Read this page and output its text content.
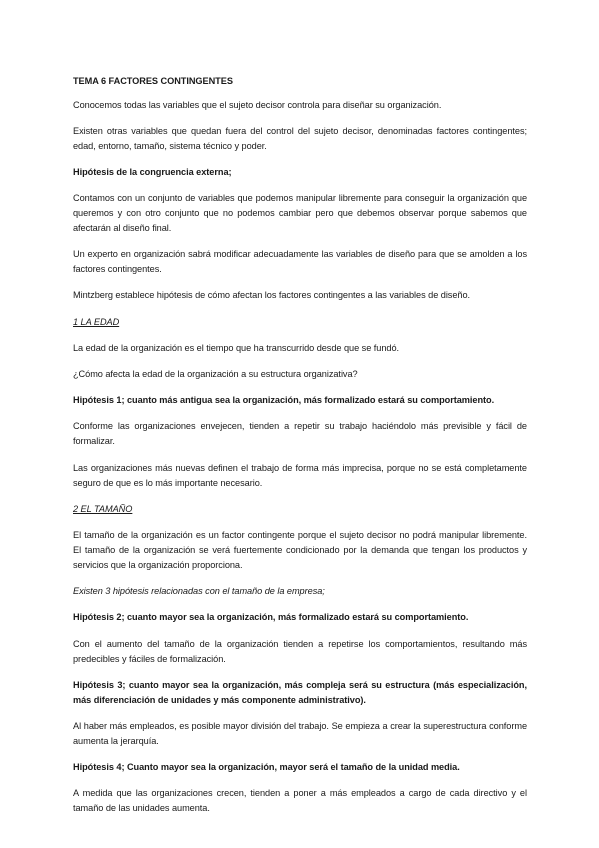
TEMA 6 FACTORES CONTINGENTES

Conocemos todas las variables que el sujeto decisor controla para diseñar su organización.

Existen otras variables que quedan fuera del control del sujeto decisor, denominadas factores contingentes; edad, entorno, tamaño, sistema técnico y poder.

Hipótesis de la congruencia externa;

Contamos con un conjunto de variables que podemos manipular libremente para conseguir la organización que queremos y con otro conjunto que no podemos cambiar pero que debemos observar porque sabemos que afectarán al diseño final.

Un experto en organización sabrá modificar adecuadamente las variables de diseño para que se amolden a los factores contingentes.

Mintzberg establece hipótesis de cómo afectan los factores contingentes a las variables de diseño.

1 LA EDAD

La edad de la organización es el tiempo que ha transcurrido desde que se fundó.

¿Cómo afecta la edad de la organización a su estructura organizativa?

Hipótesis 1; cuanto más antigua sea la organización, más formalizado estará su comportamiento.

Conforme las organizaciones envejecen, tienden a repetir su trabajo haciéndolo más previsible y fácil de formalizar.

Las organizaciones más nuevas definen el trabajo de forma más imprecisa, porque no se está completamente seguro de que es lo más importante necesario.

2 EL TAMAÑO

El tamaño de la organización es un factor contingente porque el sujeto decisor no podrá manipular libremente. El tamaño de la organización se verá fuertemente condicionado por la demanda que tengan los productos y servicios que la organización proporciona.

Existen 3 hipótesis relacionadas con el tamaño de la empresa;

Hipótesis 2; cuanto mayor sea la organización, más formalizado estará su comportamiento.

Con el aumento del tamaño de la organización tienden a repetirse los comportamientos, resultando más predecibles y fáciles de formalización.

Hipótesis 3; cuanto mayor sea la organización, más compleja será su estructura (más especialización, más diferenciación de unidades y más componente administrativo).

Al haber más empleados, es posible mayor división del trabajo. Se empieza a crear la superestructura conforme aumenta la jerarquía.

Hipótesis 4; Cuanto mayor sea la organización, mayor será el tamaño de la unidad media.

A medida que las organizaciones crecen, tienden a poner a más empleados a cargo de cada directivo y el tamaño de las unidades aumenta.
